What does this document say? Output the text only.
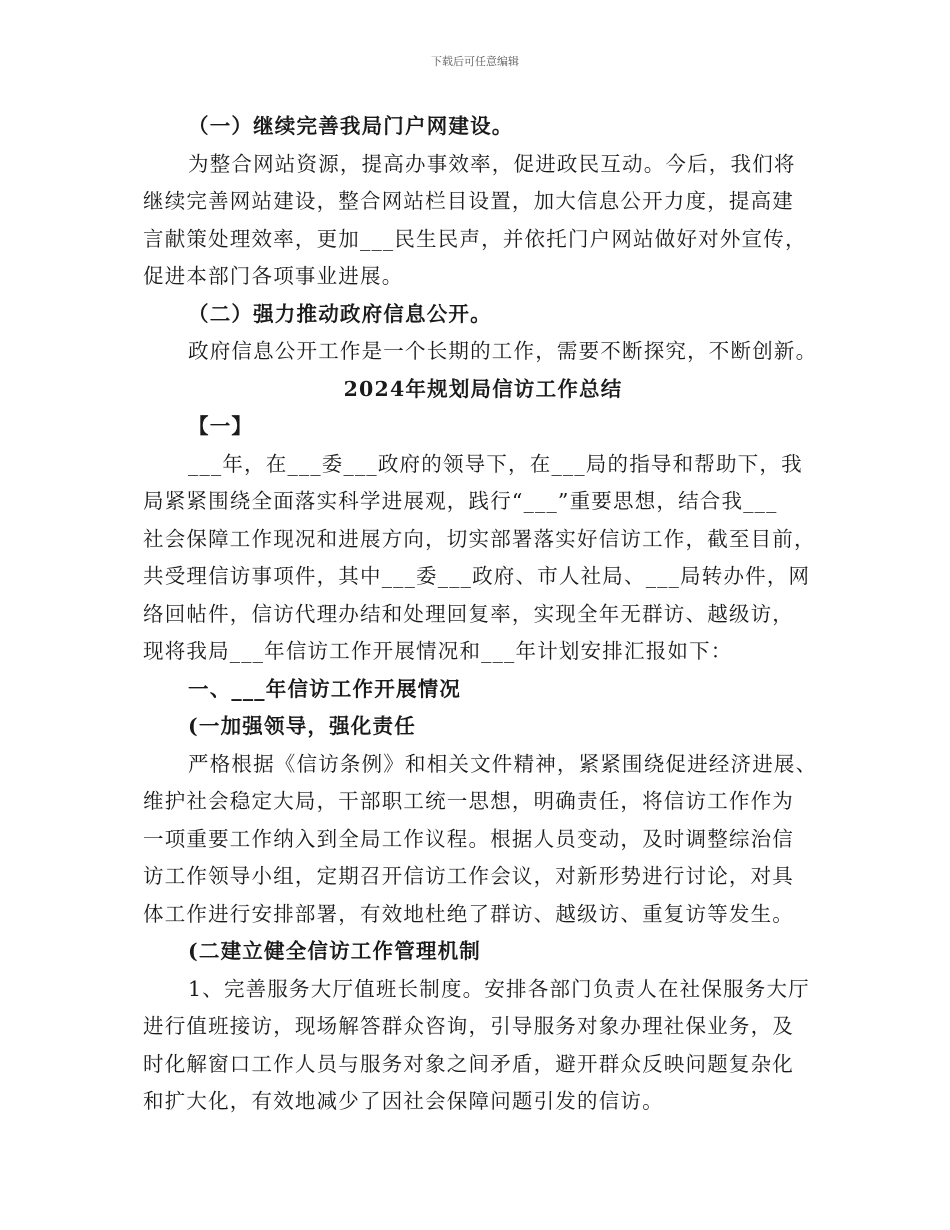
下载后可任意编辑
（一）继续完善我局门户网建设。
为整合网站资源，提高办事效率，促进政民互动。今后，我们将
继续完善网站建设，整合网站栏目设置，加大信息公开力度，提高建
言献策处理效率，更加___民生民声，并依托门户网站做好对外宣传，
促进本部门各项事业进展。
（二）强力推动政府信息公开。
政府信息公开工作是一个长期的工作，需要不断探究，不断创新。
2024年规划局信访工作总结
【一】
___年，在___委___政府的领导下，在___局的指导和帮助下，我
局紧紧围绕全面落实科学进展观，践行“___”重要思想，结合我___
社会保障工作现况和进展方向，切实部署落实好信访工作，截至目前，
共受理信访事项件，其中___委___政府、市人社局、___局转办件，网
络回帖件，信访代理办结和处理回复率，实现全年无群访、越级访，
现将我局___年信访工作开展情况和___年计划安排汇报如下：
一、___年信访工作开展情况
(一加强领导，强化责任
严格根据《信访条例》和相关文件精神，紧紧围绕促进经济进展、
维护社会稳定大局，干部职工统一思想，明确责任，将信访工作作为
一项重要工作纳入到全局工作议程。根据人员变动，及时调整综治信
访工作领导小组，定期召开信访工作会议，对新形势进行讨论，对具
体工作进行安排部署，有效地杜绝了群访、越级访、重复访等发生。
(二建立健全信访工作管理机制
1、完善服务大厅值班长制度。安排各部门负责人在社保服务大厅
进行值班接访，现场解答群众咨询，引导服务对象办理社保业务，及
时化解窗口工作人员与服务对象之间矛盾，避开群众反映问题复杂化
和扩大化，有效地减少了因社会保障问题引发的信访。
